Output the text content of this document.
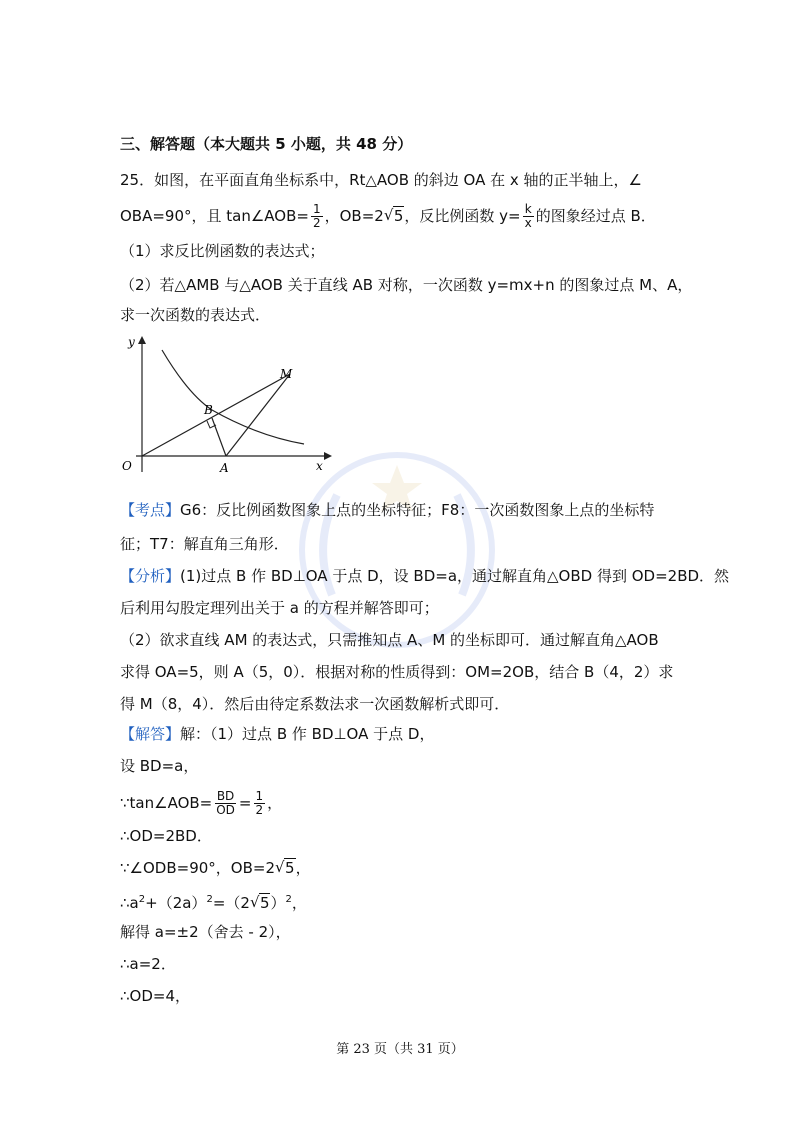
三、解答题（本大题共 5 小题，共 48 分）
25．如图，在平面直角坐标系中，Rt△AOB 的斜边 OA 在 x 轴的正半轴上，∠
OBA=90°，且 tan∠AOB= $\frac{1}{2}$ ，OB=2√ 5，反比例函数 $y= \frac{k}{x}$ 的图象经过点 B．
（1）求反比例函数的表达式；
（2）若△AMB 与△AOB 关于直线 AB 对称，一次函数 y=mx+n 的图象过点 M、A，
求一次函数的表达式．
y
x
O	A
B
M
【考点】G6：反比例函数图象上点的坐标特征；F8：一次函数图象上点的坐标特
征；T7：解直角三角形．
【分析】(1)过点 B 作 BD⊥OA 于点 D，设 BD=a，通过解直角△OBD 得到 OD=2BD．然
后利用勾股定理列出关于 a 的方程并解答即可；
（2）欲求直线 AM 的表达式，只需推知点 A、M 的坐标即可．通过解直角△AOB
求得 OA=5，则 A（5，0）．根据对称的性质得到：OM=2OB，结合 B（4，2）求
得 M（8，4）．然后由待定系数法求一次函数解析式即可．
【解答】解：（1）过点 B 作 BD⊥OA 于点 D，
设 BD=a，
∵tan∠AOB= $\frac{BD}{OD} = \frac{1}{2}$ ，
∴OD=2BD．
∵∠ODB=90°，OB=2√ 5，
$\therefore a^2+(2a)^2=(2√$ 5）$^2$，
解得 a=±2（舍去 - 2），
∴a=2．
∴OD=4，
第 23 页（共 31 页）
